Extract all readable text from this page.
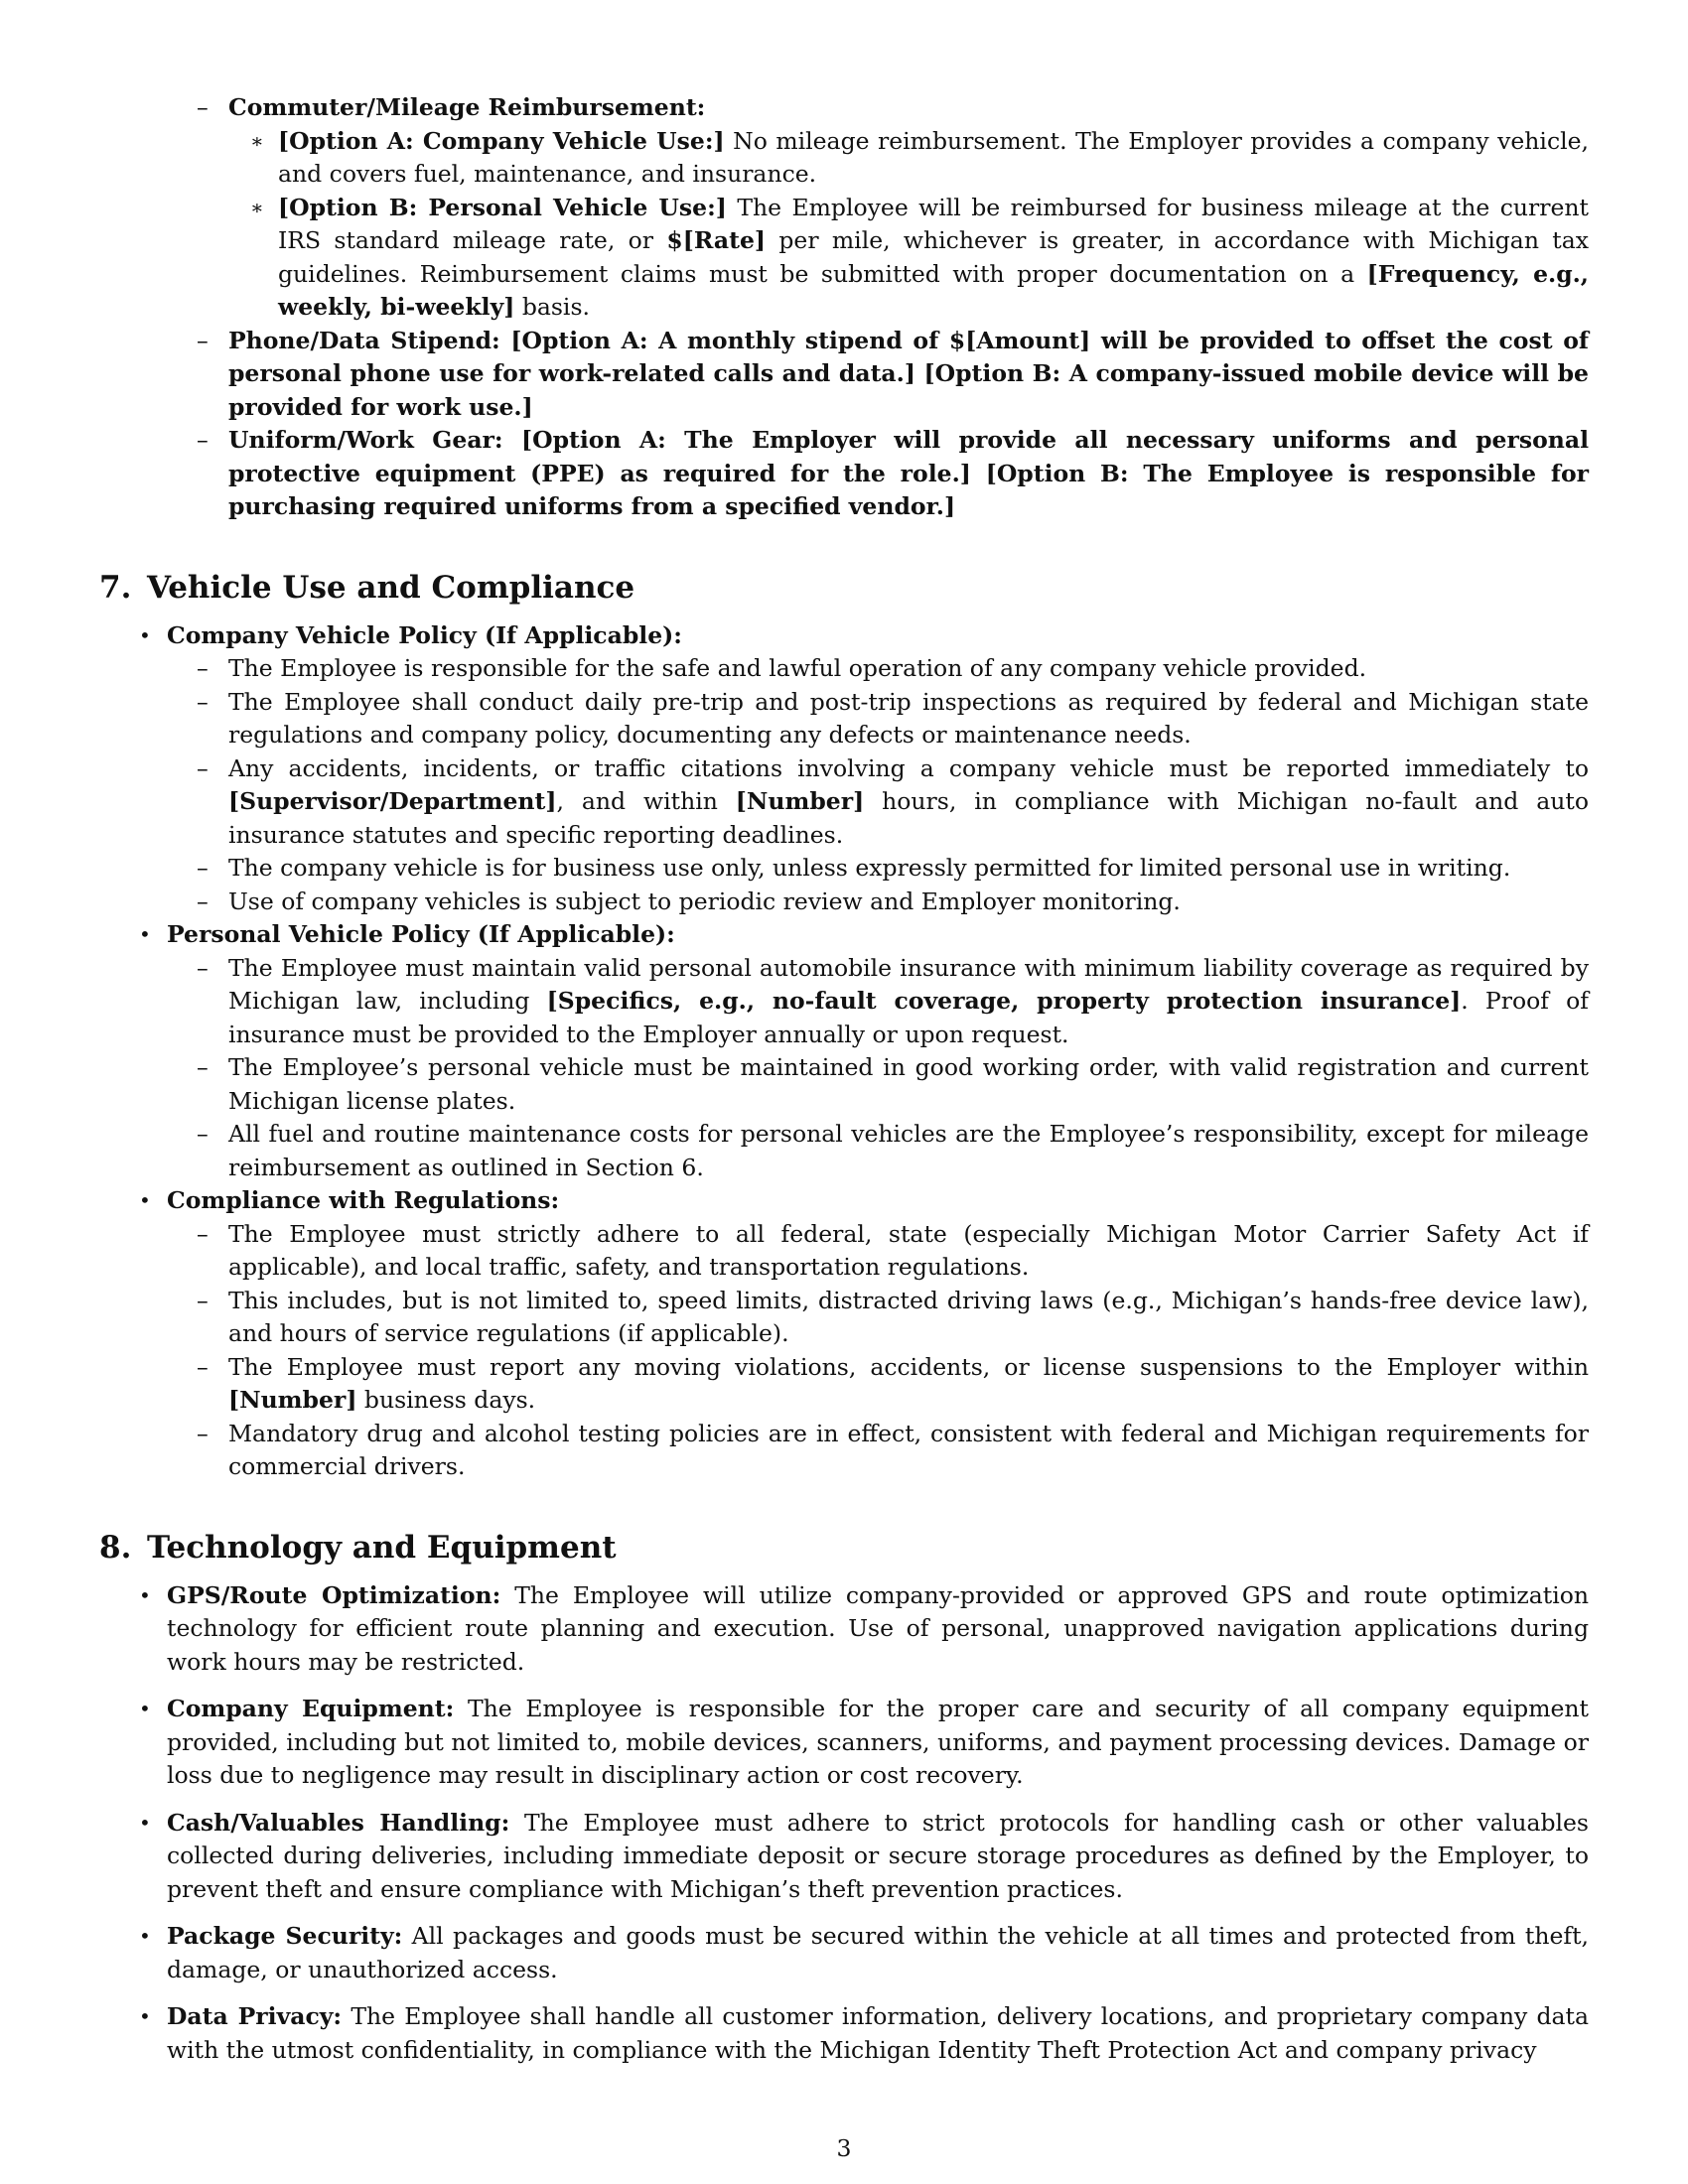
– Commuter/Mileage Reimbursement:
∗ [Option A: Company Vehicle Use:] No mileage reimbursement. The Employer provides a company vehicle, and covers fuel, maintenance, and insurance.
∗ [Option B: Personal Vehicle Use:] The Employee will be reimbursed for business mileage at the current IRS standard mileage rate, or $[Rate] per mile, whichever is greater, in accordance with Michigan tax guidelines. Reimbursement claims must be submitted with proper documentation on a [Frequency, e.g., weekly, bi-weekly] basis.
– Phone/Data Stipend: [Option A: A monthly stipend of $[Amount] will be provided to offset the cost of personal phone use for work-related calls and data.] [Option B: A company-issued mobile device will be provided for work use.]
– Uniform/Work Gear: [Option A: The Employer will provide all necessary uniforms and personal protective equipment (PPE) as required for the role.] [Option B: The Employee is responsible for purchasing required uniforms from a specified vendor.]
7. Vehicle Use and Compliance
• Company Vehicle Policy (If Applicable):
– The Employee is responsible for the safe and lawful operation of any company vehicle provided.
– The Employee shall conduct daily pre-trip and post-trip inspections as required by federal and Michigan state regulations and company policy, documenting any defects or maintenance needs.
– Any accidents, incidents, or traffic citations involving a company vehicle must be reported immediately to [Supervisor/Department], and within [Number] hours, in compliance with Michigan no-fault and auto insurance statutes and specific reporting deadlines.
– The company vehicle is for business use only, unless expressly permitted for limited personal use in writing.
– Use of company vehicles is subject to periodic review and Employer monitoring.
• Personal Vehicle Policy (If Applicable):
– The Employee must maintain valid personal automobile insurance with minimum liability coverage as required by Michigan law, including [Specifics, e.g., no-fault coverage, property protection insurance]. Proof of insurance must be provided to the Employer annually or upon request.
– The Employee’s personal vehicle must be maintained in good working order, with valid registration and current Michigan license plates.
– All fuel and routine maintenance costs for personal vehicles are the Employee’s responsibility, except for mileage reimbursement as outlined in Section 6.
• Compliance with Regulations:
– The Employee must strictly adhere to all federal, state (especially Michigan Motor Carrier Safety Act if applicable), and local traffic, safety, and transportation regulations.
– This includes, but is not limited to, speed limits, distracted driving laws (e.g., Michigan’s hands-free device law), and hours of service regulations (if applicable).
– The Employee must report any moving violations, accidents, or license suspensions to the Employer within [Number] business days.
– Mandatory drug and alcohol testing policies are in effect, consistent with federal and Michigan requirements for commercial drivers.
8. Technology and Equipment
• GPS/Route Optimization: The Employee will utilize company-provided or approved GPS and route optimization technology for efficient route planning and execution. Use of personal, unapproved navigation applications during work hours may be restricted.
• Company Equipment: The Employee is responsible for the proper care and security of all company equipment provided, including but not limited to, mobile devices, scanners, uniforms, and payment processing devices. Damage or loss due to negligence may result in disciplinary action or cost recovery.
• Cash/Valuables Handling: The Employee must adhere to strict protocols for handling cash or other valuables collected during deliveries, including immediate deposit or secure storage procedures as defined by the Employer, to prevent theft and ensure compliance with Michigan’s theft prevention practices.
• Package Security: All packages and goods must be secured within the vehicle at all times and protected from theft, damage, or unauthorized access.
• Data Privacy: The Employee shall handle all customer information, delivery locations, and proprietary company data with the utmost confidentiality, in compliance with the Michigan Identity Theft Protection Act and company privacy
3
